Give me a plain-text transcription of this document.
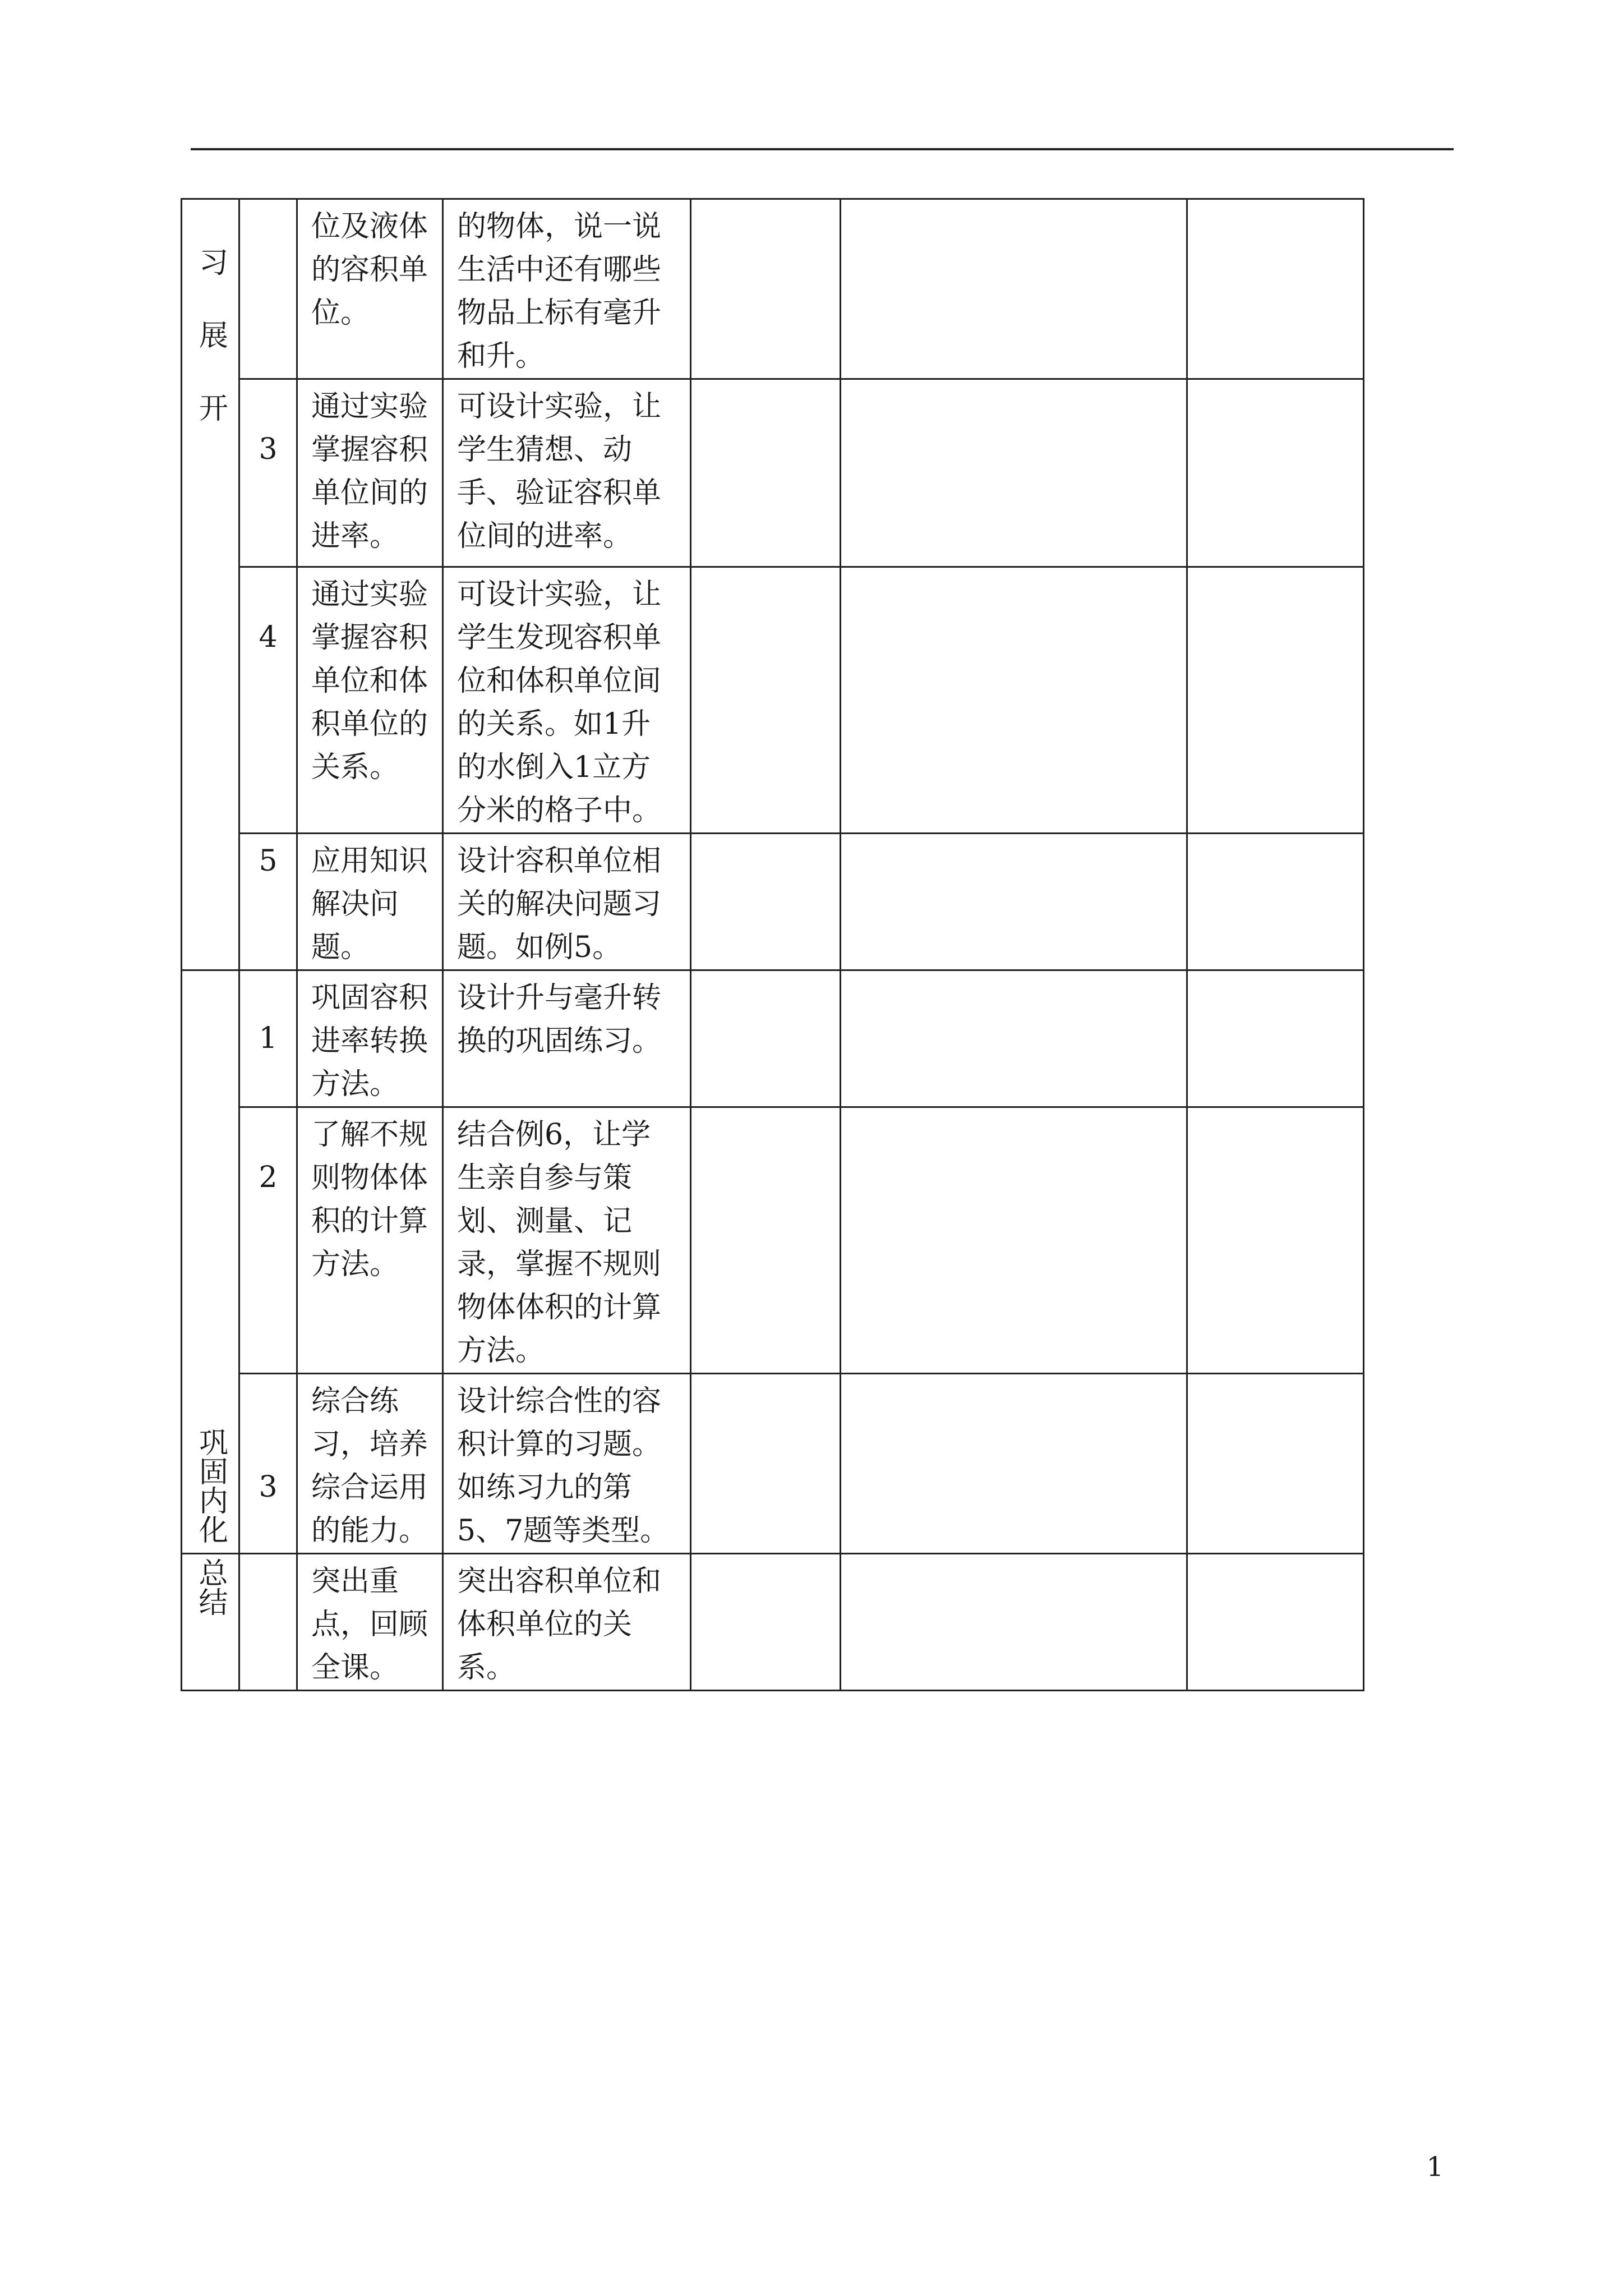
习展开		位及液体的容积单位。	的物体，说一说生活中还有哪些物品上标有毫升和升。			
	3	通过实验掌握容积单位间的进率。	可设计实验，让学生猜想、动手、验证容积单位间的进率。			
	4	通过实验掌握容积单位和体积单位的关系。	可设计实验，让学生发现容积单位和体积单位间的关系。如1升的水倒入1立方分米的格子中。			
	5	应用知识解决问题。	设计容积单位相关的解决问题习题。如例5。			

巩固内化	1	巩固容积进率转换方法。	设计升与毫升转换的巩固练习。			
	2	了解不规则物体体积的计算方法。	结合例6，让学生亲自参与策划、测量、记录，掌握不规则物体体积的计算方法。			
	3	综合练习，培养综合运用的能力。	设计综合性的容积计算的习题。如练习九的第5、7题等类型。			

总结		突出重点，回顾全课。	突出容积单位和体积单位的关系。			
1
